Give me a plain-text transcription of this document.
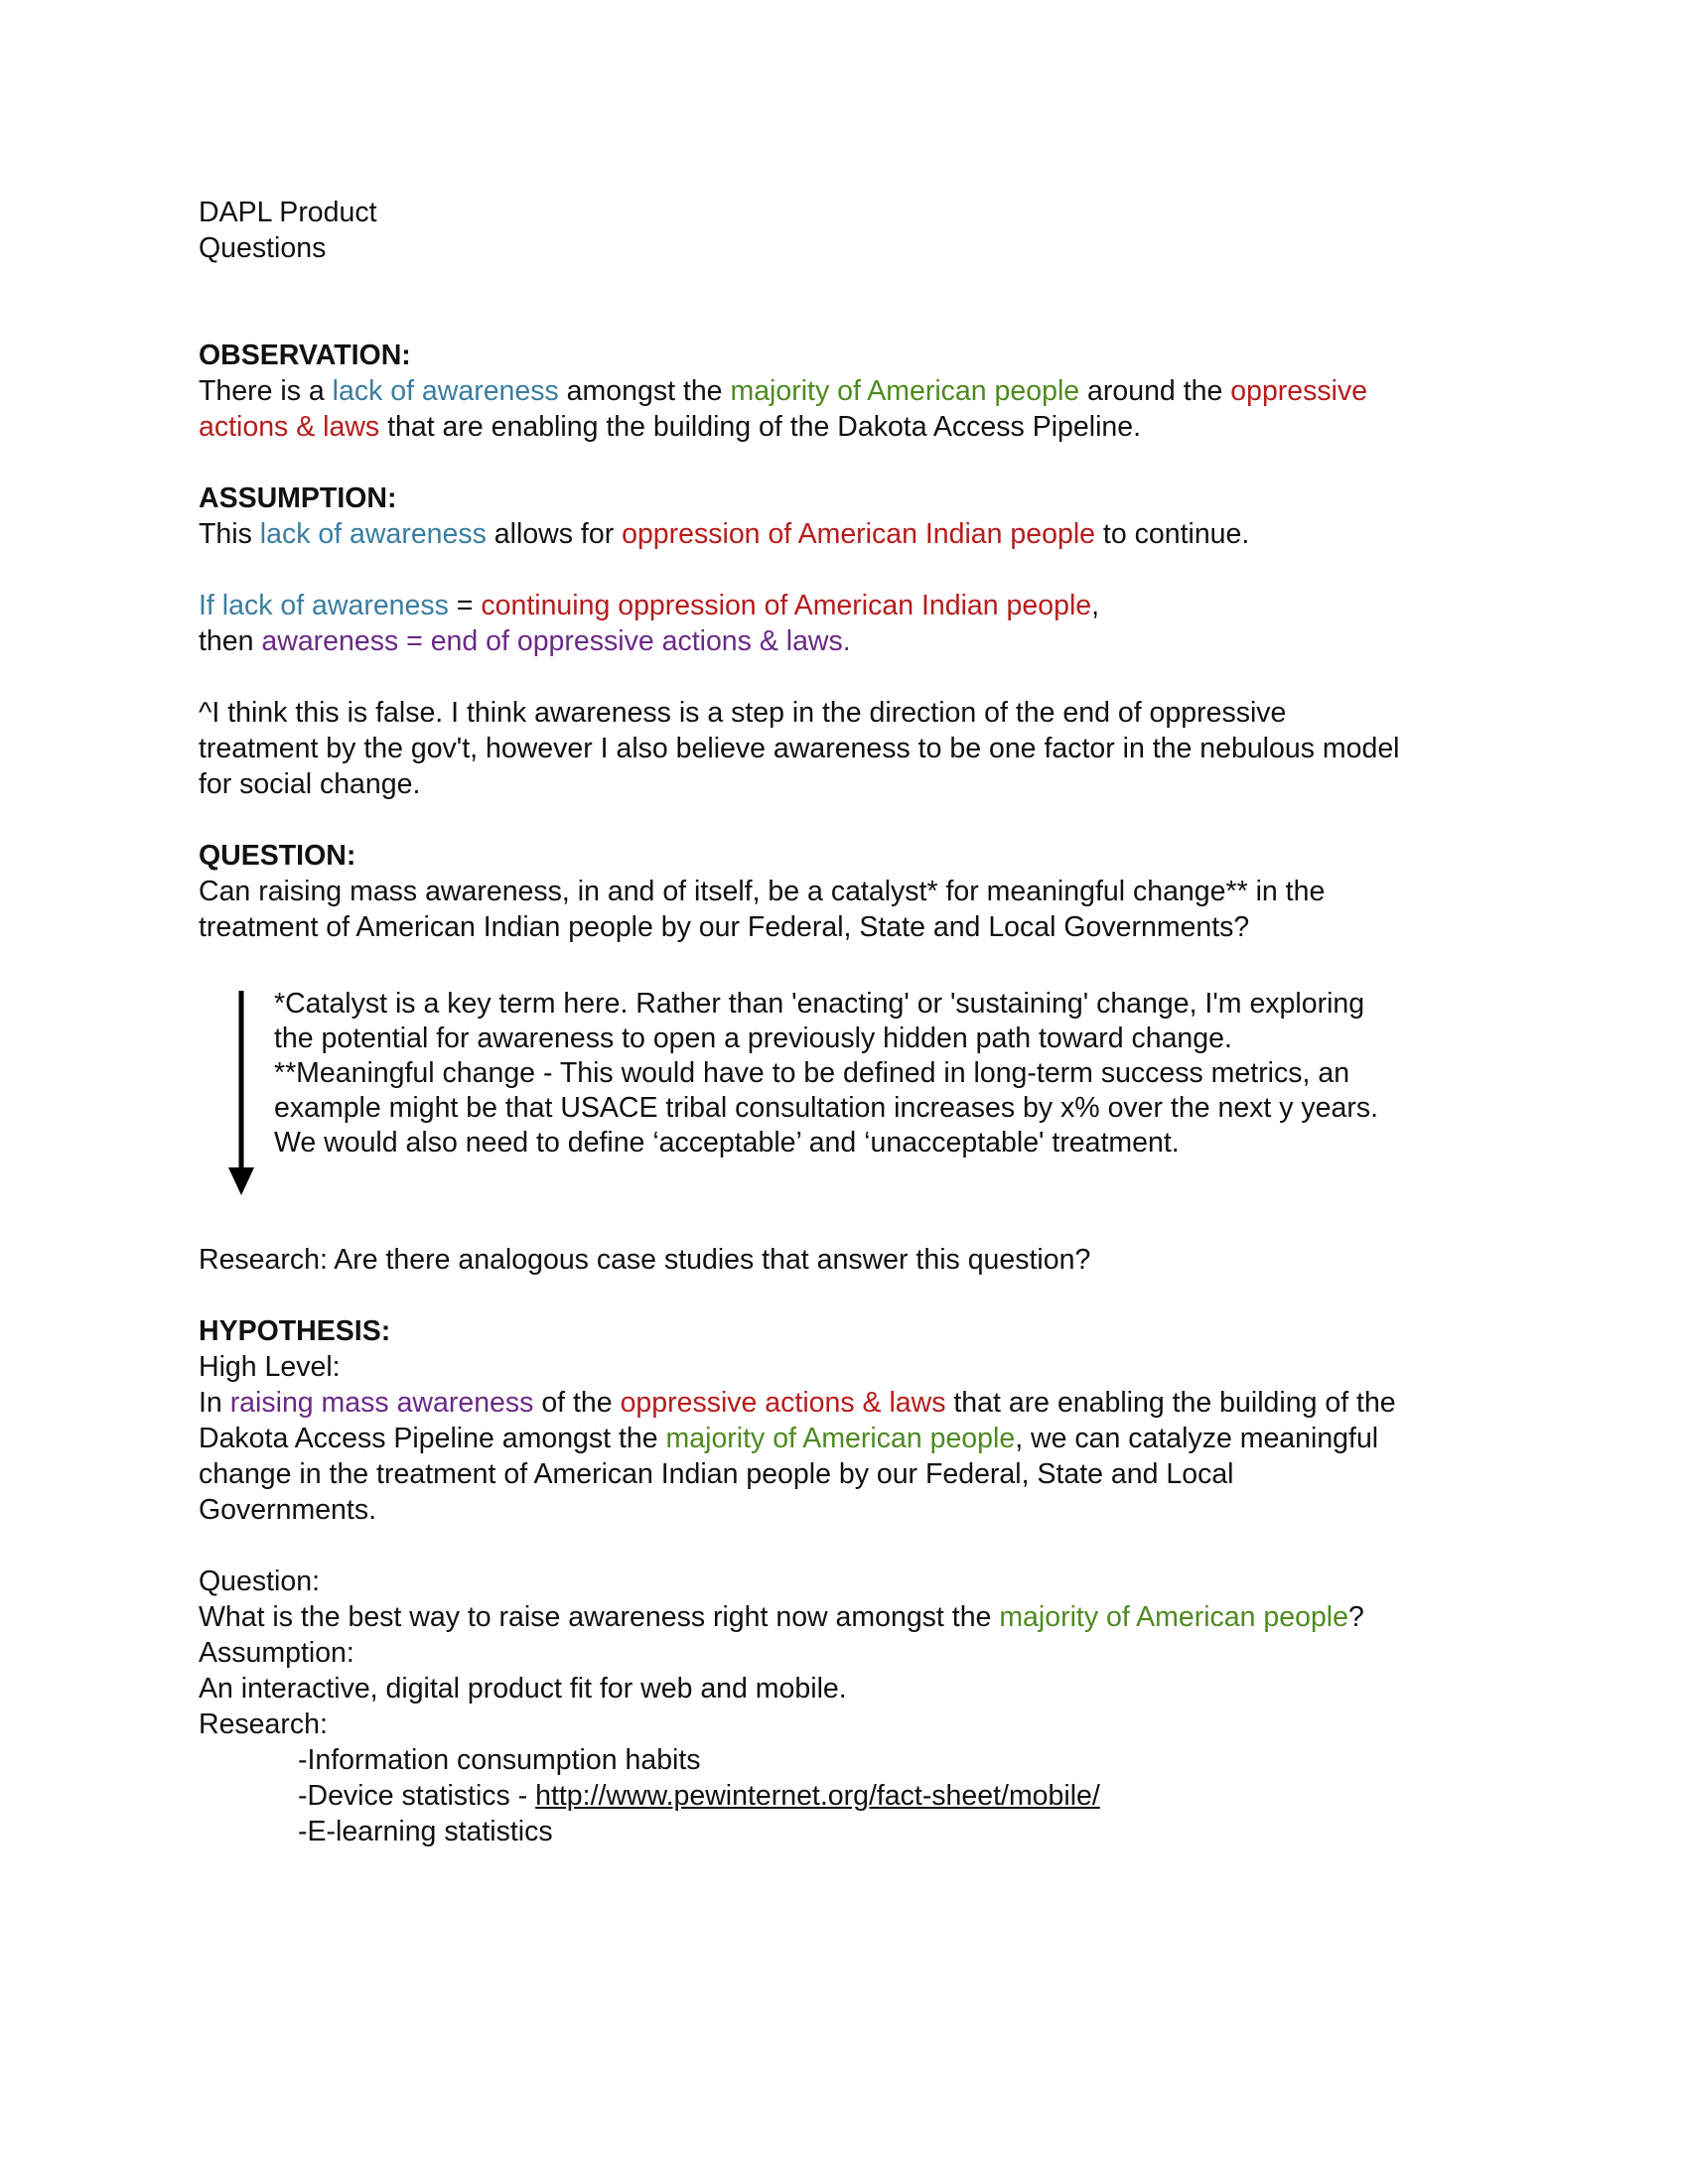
DAPL Product
Questions
OBSERVATION:
There is a lack of awareness amongst the majority of American people around the oppressive
actions & laws that are enabling the building of the Dakota Access Pipeline.
ASSUMPTION:
This lack of awareness allows for oppression of American Indian people to continue.
If lack of awareness = continuing oppression of American Indian people,
then awareness = end of oppressive actions & laws.
^I think this is false. I think awareness is a step in the direction of the end of oppressive
treatment by the gov't, however I also believe awareness to be one factor in the nebulous model
for social change.
QUESTION:
Can raising mass awareness, in and of itself, be a catalyst* for meaningful change** in the
treatment of American Indian people by our Federal, State and Local Governments?
*Catalyst is a key term here. Rather than 'enacting' or 'sustaining' change, I'm exploring
the potential for awareness to open a previously hidden path toward change.
**Meaningful change - This would have to be defined in long-term success metrics, an
example might be that USACE tribal consultation increases by x% over the next y years.
We would also need to define ‘acceptable’ and ‘unacceptable' treatment.
Research: Are there analogous case studies that answer this question?
HYPOTHESIS:
High Level:
In raising mass awareness of the oppressive actions & laws that are enabling the building of the
Dakota Access Pipeline amongst the majority of American people, we can catalyze meaningful
change in the treatment of American Indian people by our Federal, State and Local
Governments.
Question:
What is the best way to raise awareness right now amongst the majority of American people?
Assumption:
An interactive, digital product fit for web and mobile.
Research:
-Information consumption habits
-Device statistics - http://www.pewinternet.org/fact-sheet/mobile/
-E-learning statistics
